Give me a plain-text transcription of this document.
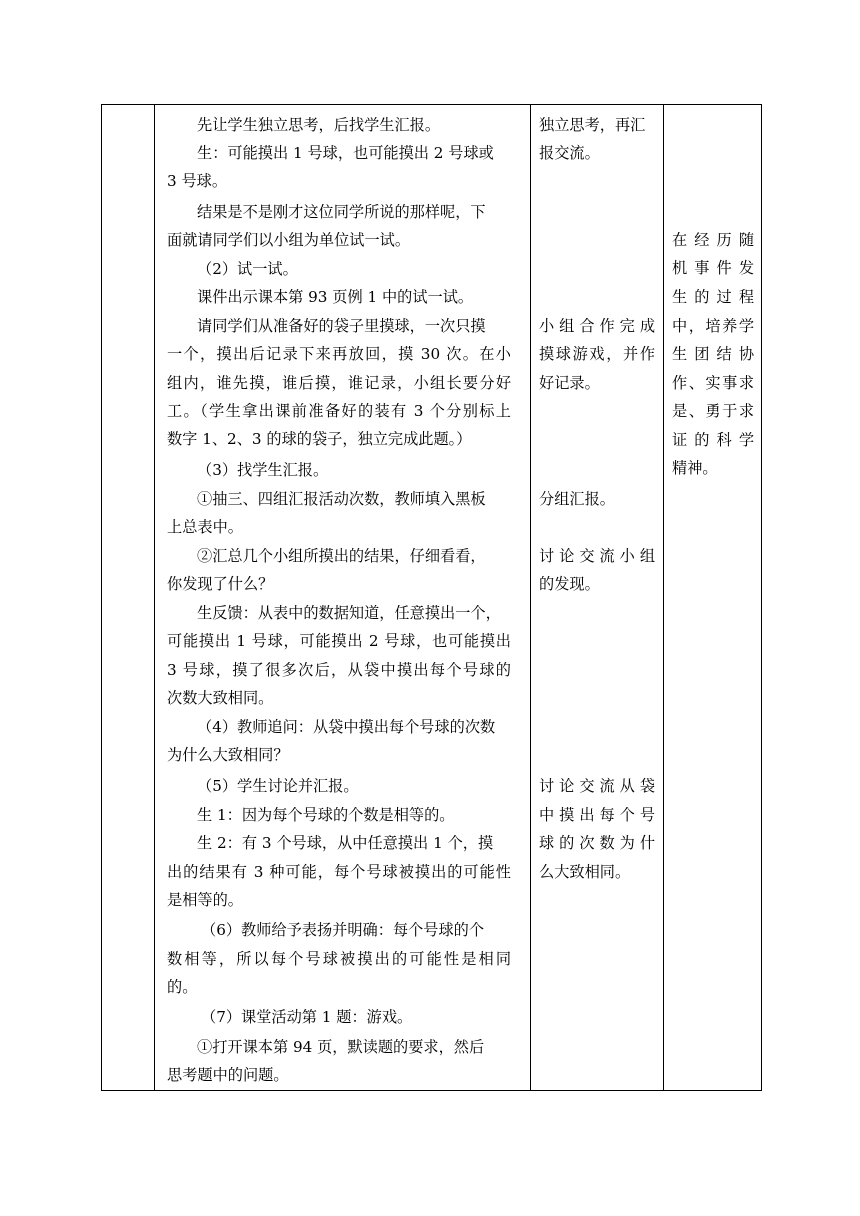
先让学生独立思考，后找学生汇报。
生：可能摸出 1 号球，也可能摸出 2 号球或
3 号球。
结果是不是刚才这位同学所说的那样呢，下
面就请同学们以小组为单位试一试。
（2）试一试。
课件出示课本第 93 页例 1 中的试一试。
请同学们从准备好的袋子里摸球，一次只摸
一个，摸出后记录下来再放回，摸 30 次。在小
组内，谁先摸，谁后摸，谁记录，小组长要分好
工。（学生拿出课前准备好的装有 3 个分别标上
数字 1、2、3 的球的袋子，独立完成此题。）
（3）找学生汇报。
①抽三、四组汇报活动次数，教师填入黑板
上总表中。
②汇总几个小组所摸出的结果，仔细看看，
你发现了什么？
生反馈：从表中的数据知道，任意摸出一个，
可能摸出 1 号球，可能摸出 2 号球，也可能摸出
3 号球，摸了很多次后，从袋中摸出每个号球的
次数大致相同。
（4）教师追问：从袋中摸出每个号球的次数
为什么大致相同？
（5）学生讨论并汇报。
生 1：因为每个号球的个数是相等的。
生 2：有 3 个号球，从中任意摸出 1 个，摸
出的结果有 3 种可能，每个号球被摸出的可能性
是相等的。
（6）教师给予表扬并明确：每个号球的个
数相等，所以每个号球被摸出的可能性是相同
的。
（7）课堂活动第 1 题：游戏。
①打开课本第 94 页，默读题的要求，然后
思考题中的问题。

独立思考，再汇
报交流。
小组合作完成
摸球游戏，并作
好记录。
分组汇报。
讨论交流小组
的发现。
讨论交流从袋
中摸出每个号
球的次数为什
么大致相同。

在经历随
机事件发
生的过程
中，培养学
生团结协
作、实事求
是、勇于求
证的科学
精神。
